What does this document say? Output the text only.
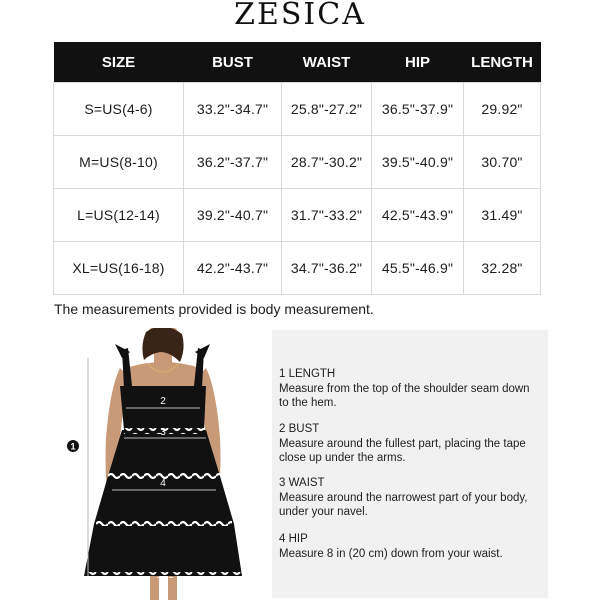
ZESICA
SIZE	BUST	WAIST	HIP	LENGTH
S=US(4-6)	33.2"-34.7"	25.8"-27.2"	36.5"-37.9"	29.92"
M=US(8-10)	36.2"-37.7"	28.7"-30.2"	39.5"-40.9"	30.70"
L=US(12-14)	39.2"-40.7"	31.7"-33.2"	42.5"-43.9"	31.49"
XL=US(16-18)	42.2"-43.7"	34.7"-36.2"	45.5"-46.9"	32.28"
The measurements provided is body measurement.
1
2
3
4
1 LENGTH
Measure from the top of the shoulder seam down to the hem.
2 BUST
Measure around the fullest part, placing the tape close up under the arms.
3 WAIST
Measure around the narrowest part of your body, under your navel.
4 HIP
Measure 8 in (20 cm) down from your waist.
